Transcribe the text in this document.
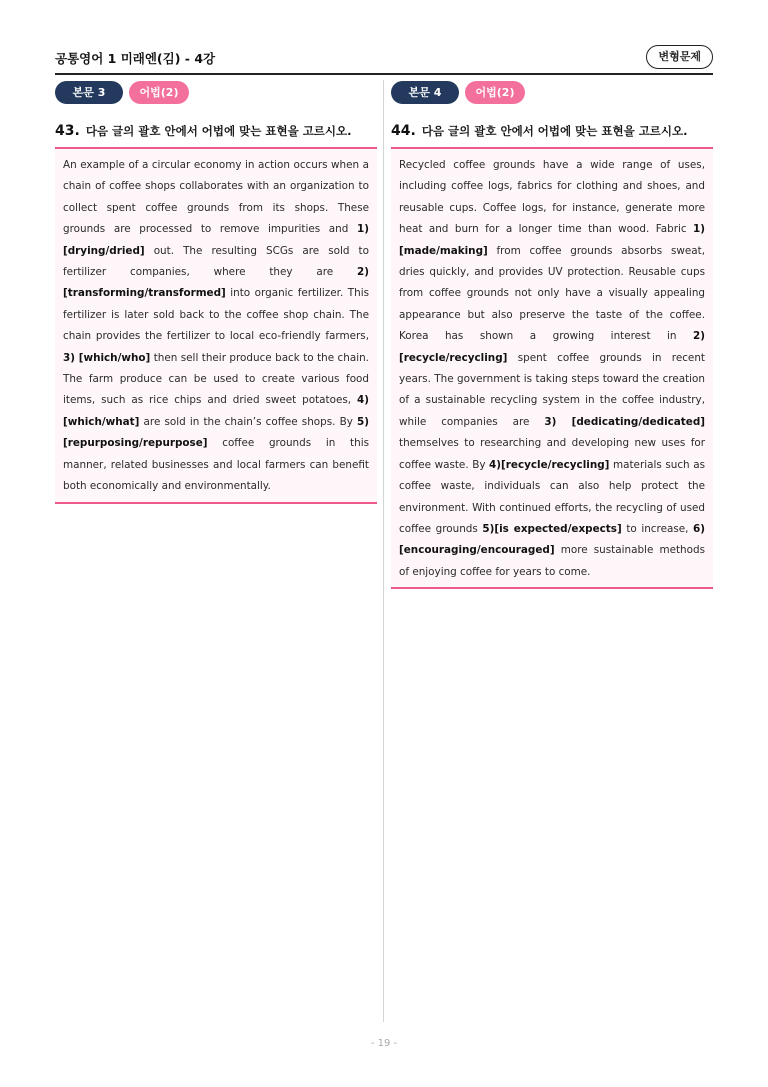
공통영어 1 미래엔(김) - 4강	변형문제
본문 3	어법(2)
43. 다음 글의 괄호 안에서 어법에 맞는 표현을 고르시오.
An example of a circular economy in action occurs when a chain of coffee shops collaborates with an organization to collect spent coffee grounds from its shops. These grounds are processed to remove impurities and 1)[drying/dried] out. The resulting SCGs are sold to fertilizer companies, where they are 2)[transforming/transformed] into organic fertilizer. This fertilizer is later sold back to the coffee shop chain. The chain provides the fertilizer to local eco-friendly farmers, 3) [which/who] then sell their produce back to the chain. The farm produce can be used to create various food items, such as rice chips and dried sweet potatoes, 4)[which/what] are sold in the chain’s coffee shops. By 5)[repurposing/repurpose] coffee grounds in this manner, related businesses and local farmers can benefit both economically and environmentally.
본문 4	어법(2)
44. 다음 글의 괄호 안에서 어법에 맞는 표현을 고르시오.
Recycled coffee grounds have a wide range of uses, including coffee logs, fabrics for clothing and shoes, and reusable cups. Coffee logs, for instance, generate more heat and burn for a longer time than wood. Fabric 1)[made/making] from coffee grounds absorbs sweat, dries quickly, and provides UV protection. Reusable cups from coffee grounds not only have a visually appealing appearance but also preserve the taste of the coffee. Korea has shown a growing interest in 2) [recycle/recycling] spent coffee grounds in recent years. The government is taking steps toward the creation of a sustainable recycling system in the coffee industry, while companies are 3) [dedicating/dedicated] themselves to researching and developing new uses for coffee waste. By 4)[recycle/recycling] materials such as coffee waste, individuals can also help protect the environment. With continued efforts, the recycling of used coffee grounds 5)[is expected/expects] to increase, 6) [encouraging/encouraged] more sustainable methods of enjoying coffee for years to come.
- 19 -
